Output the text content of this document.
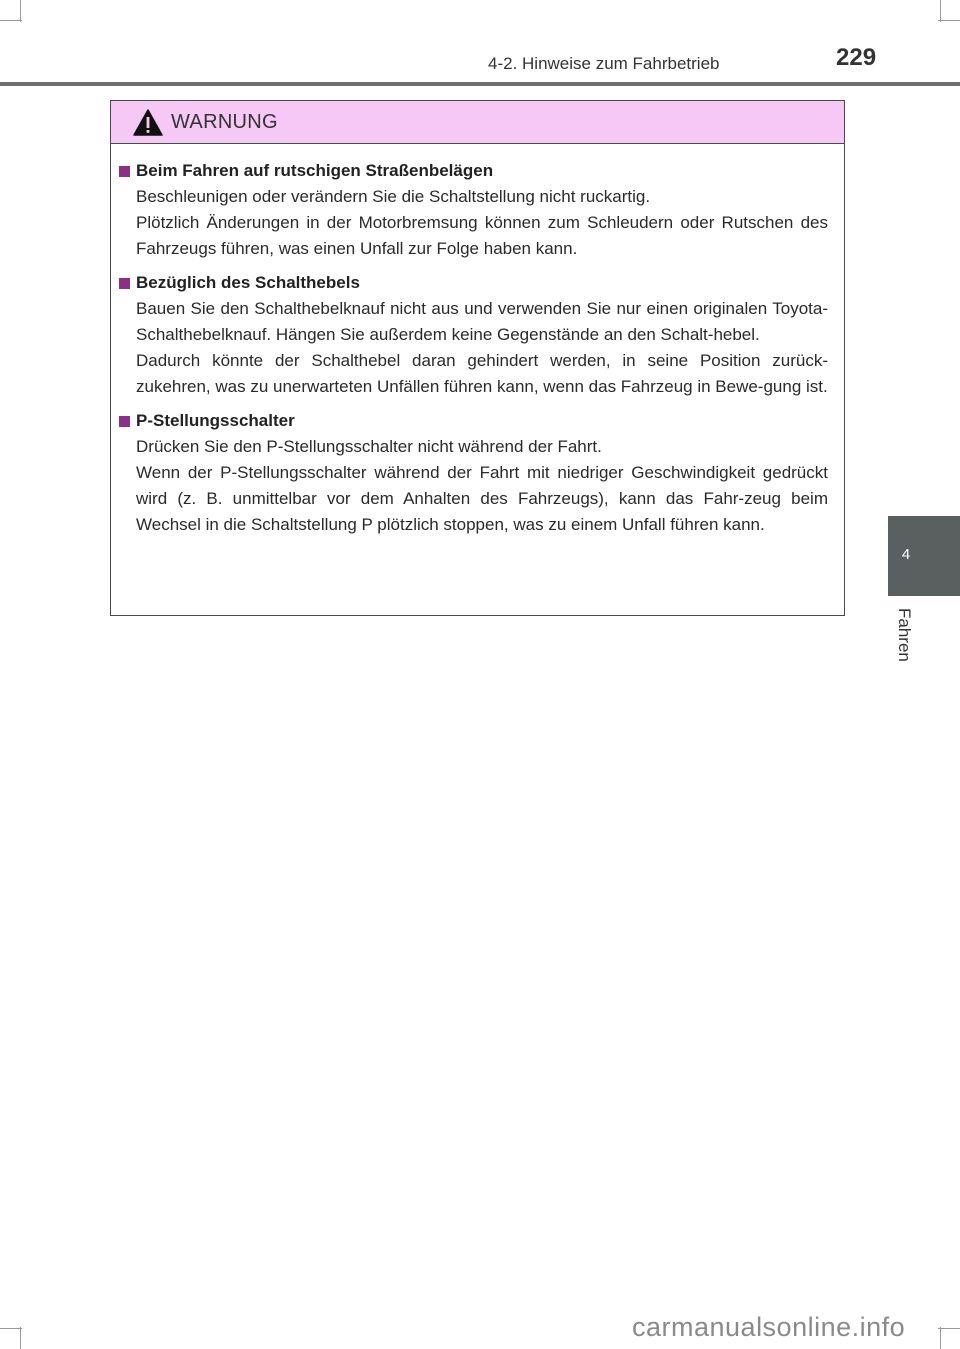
4-2. Hinweise zum Fahrbetrieb	229
WARNUNG
Beim Fahren auf rutschigen Straßenbelägen
Beschleunigen oder verändern Sie die Schaltstellung nicht ruckartig.
Plötzlich Änderungen in der Motorbremsung können zum Schleudern oder Rutschen des Fahrzeugs führen, was einen Unfall zur Folge haben kann.
Bezüglich des Schalthebels
Bauen Sie den Schalthebelknauf nicht aus und verwenden Sie nur einen originalen Toyota-Schalthebelknauf. Hängen Sie außerdem keine Gegenstände an den Schalt-hebel.
Dadurch könnte der Schalthebel daran gehindert werden, in seine Position zurück-zukehren, was zu unerwarteten Unfällen führen kann, wenn das Fahrzeug in Bewe-gung ist.
P-Stellungsschalter
Drücken Sie den P-Stellungsschalter nicht während der Fahrt.
Wenn der P-Stellungsschalter während der Fahrt mit niedriger Geschwindigkeit gedrückt wird (z. B. unmittelbar vor dem Anhalten des Fahrzeugs), kann das Fahr-zeug beim Wechsel in die Schaltstellung P plötzlich stoppen, was zu einem Unfall führen kann.
4
Fahren
carmanualsonline.info
